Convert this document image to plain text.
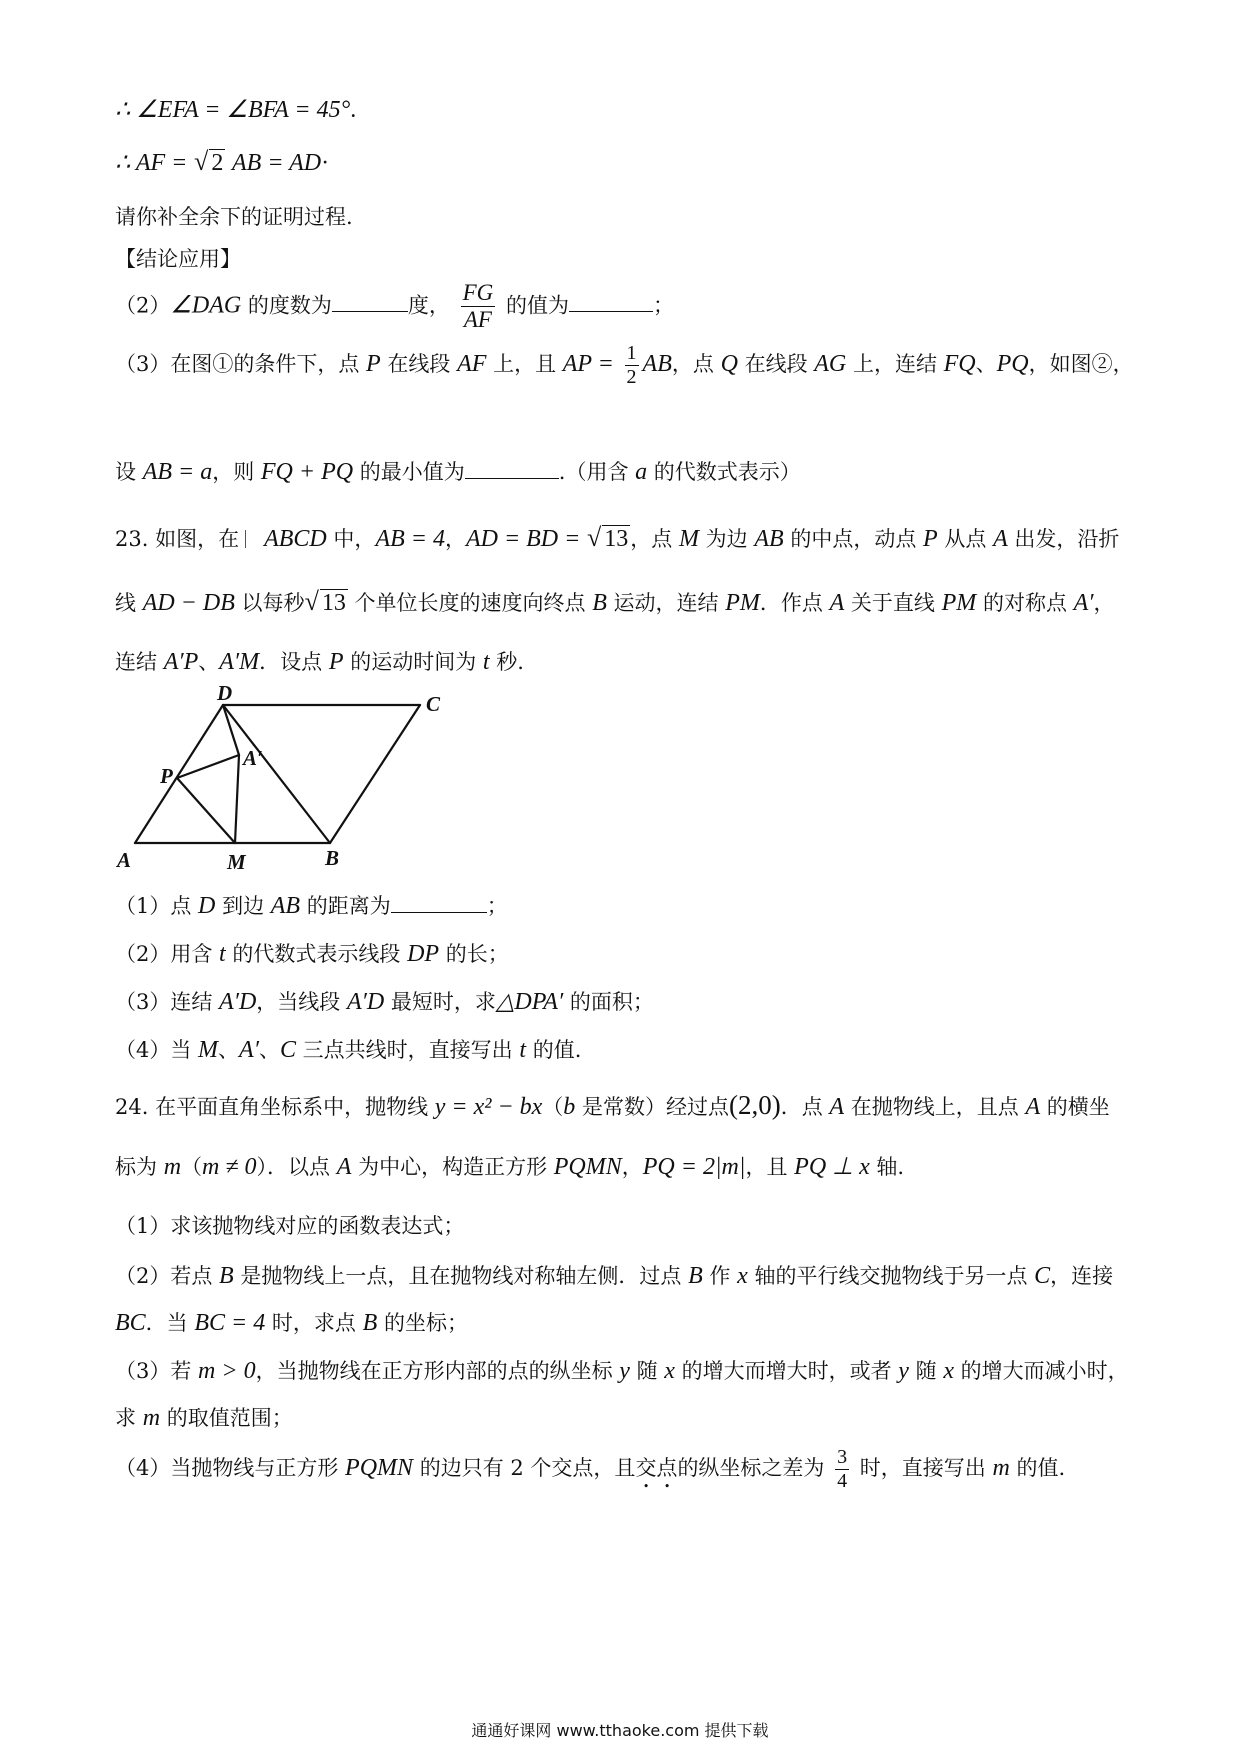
∴ ∠EFA = ∠BFA = 45°.
∴ AF = √ 2 AB = AD·
请你补全余下的证明过程.
【结论应用】
（2）∠DAG 的度数为	度， $\frac{FG}{AF}$ 的值为	；
（3）在图①的条件下，点 P 在线段 AF 上，且 AP = $\frac{1}{2}$ AB，点 Q 在线段 AG 上，连结 FQ、PQ，如图②，
设 AB = a，则 FQ + PQ 的最小值为	.（用含 a 的代数式表示）
23. 如图，在 ABCD 中，AB = 4，AD = BD = √ 13，点 M 为边 AB 的中点，动点 P 从点 A 出发，沿折
线 AD − DB 以每秒√ 13 个单位长度的速度向终点 B 运动，连结 PM．作点 A 关于直线 PM 的对称点 A′，
连结 A′P、A′M．设点 P 的运动时间为 t 秒.
D	C
P
A′
A	M	B
（1）点 D 到边 AB 的距离为	；
（2）用含 t 的代数式表示线段 DP 的长；
（3）连结 A′D，当线段 A′D 最短时，求△DPA′ 的面积；
（4）当 M、A′、C 三点共线时，直接写出 t 的值.
24. 在平面直角坐标系中，抛物线 y = x² − bx（b 是常数）经过点(2,0)．点 A 在抛物线上，且点 A 的横坐
标为 m（m ≠ 0）．以点 A 为中心，构造正方形 PQMN，PQ = 2|m|，且 PQ ⊥ x 轴.
（1）求该抛物线对应的函数表达式；
（2）若点 B 是抛物线上一点，且在抛物线对称轴左侧．过点 B 作 x 轴的平行线交抛物线于另一点 C，连接
BC．当 BC = 4 时，求点 B 的坐标；
（3）若 m > 0，当抛物线在正方形内部的点的纵坐标 y 随 x 的增大而增大时，或者 y 随 x 的增大而减小时，
求 m 的取值范围；
（4）当抛物线与正方形 PQMN 的边只有 2 个交点，且交点的纵坐标之差为 $\frac{3}{4}$ 时，直接写出 m 的值.
通通好课网 www.tthaoke.com 提供下载
